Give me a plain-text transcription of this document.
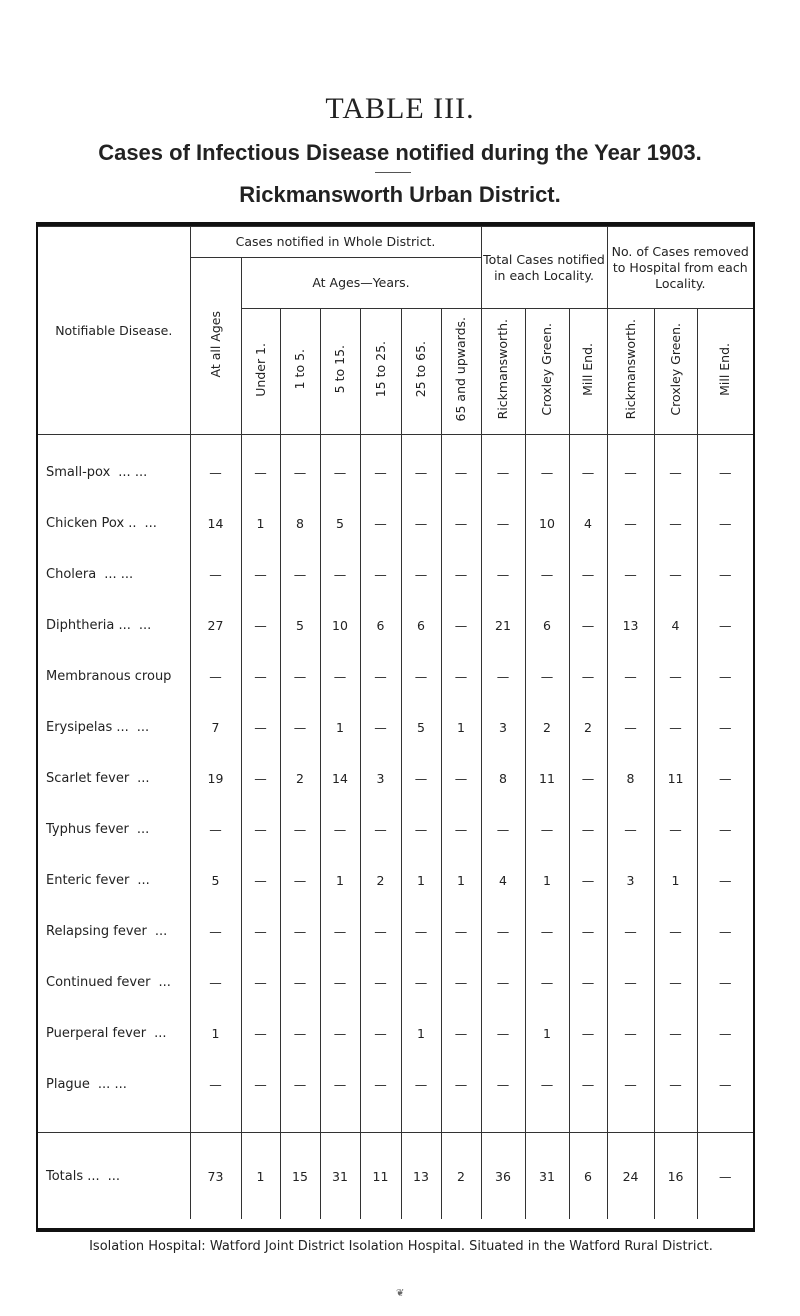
TABLE III.
Cases of Infectious Disease notified during the Year 1903.
Rickmansworth Urban District.
Notifiable Disease.	Cases notified in Whole District.							Total Cases notified in each Locality.			No. of Cases removed to Hospital from each Locality.		
	At all Ages	At Ages—Years.											
		Under 1.	1 to 5.	5 to 15.	15 to 25.	25 to 65.	65 and upwards.	Rickmansworth.	Croxley Green.	Mill End.	Rickmansworth.	Croxley Green.	Mill End.
Small-pox ... ...	—	—	—	—	—	—	—	—	—	—	—	—	—
Chicken Pox .. ...	14	1	8	5	—	—	—	—	10	4	—	—	—
Cholera ... ...	—	—	—	—	—	—	—	—	—	—	—	—	—
Diphtheria ... ...	27	—	5	10	6	6	—	21	6	—	13	4	—
Membranous croup	—	—	—	—	—	—	—	—	—	—	—	—	—
Erysipelas ... ...	7	—	—	1	—	5	1	3	2	2	—	—	—
Scarlet fever ...	19	—	2	14	3	—	—	8	11	—	8	11	—
Typhus fever ...	—	—	—	—	—	—	—	—	—	—	—	—	—
Enteric fever ...	5	—	—	1	2	1	1	4	1	—	3	1	—
Relapsing fever ...	—	—	—	—	—	—	—	—	—	—	—	—	—
Continued fever ...	—	—	—	—	—	—	—	—	—	—	—	—	—
Puerperal fever ...	1	—	—	—	—	1	—	—	1	—	—	—	—
Plague ... ...	—	—	—	—	—	—	—	—	—	—	—	—	—

Totals ... ...	73	1	15	31	11	13	2	36	31	6	24	16	—
Isolation Hospital: Watford Joint District Isolation Hospital. Situated in the Watford Rural District.
❦
